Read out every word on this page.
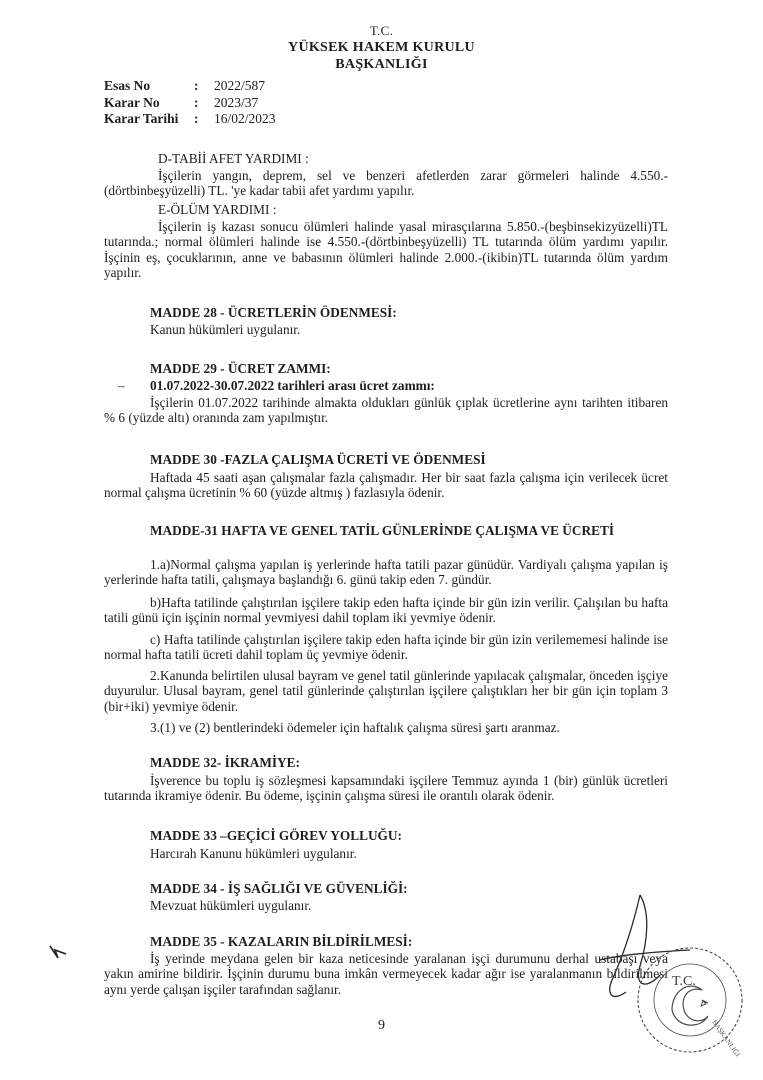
T.C.
YÜKSEK HAKEM KURULU
BAŞKANLIĞI
Esas No	: 2022/587
Karar No	: 2023/37
Karar Tarihi : 16/02/2023
D-TABİİ AFET YARDIMI :
İşçilerin yangın, deprem, sel ve benzeri afetlerden zarar görmeleri halinde 4.550.-(dörtbinbeşyüzelli) TL. 'ye kadar tabii afet yardımı yapılır.
E-ÖLÜM YARDIMI :
İşçilerin iş kazası sonucu ölümleri halinde yasal mirasçılarına 5.850.-(beşbinsekizyüzelli)TL tutarında.; normal ölümleri halinde ise 4.550.-(dörtbinbeşyüzelli) TL tutarında ölüm yardımı yapılır. İşçinin eş, çocuklarının, anne ve babasının ölümleri halinde 2.000.-(ikibin)TL tutarında ölüm yardım yapılır.
MADDE 28 - ÜCRETLERİN ÖDENMESİ:
Kanun hükümleri uygulanır.
MADDE 29 - ÜCRET ZAMMI:
– 01.07.2022-30.07.2022 tarihleri arası ücret zammı:
İşçilerin 01.07.2022 tarihinde almakta oldukları günlük çıplak ücretlerine aynı tarihten itibaren % 6 (yüzde altı) oranında zam yapılmıştır.
MADDE 30 -FAZLA ÇALIŞMA ÜCRETİ VE ÖDENMESİ
Haftada 45 saati aşan çalışmalar fazla çalışmadır. Her bir saat fazla çalışma için verilecek ücret normal çalışma ücretinin % 60 (yüzde altmış ) fazlasıyla ödenir.
MADDE-31 HAFTA VE GENEL TATİL GÜNLERİNDE ÇALIŞMA VE ÜCRETİ
1.a)Normal çalışma yapılan iş yerlerinde hafta tatili pazar günüdür. Vardiyalı çalışma yapılan iş yerlerinde hafta tatili, çalışmaya başlandığı 6. günü takip eden 7. gündür.
b)Hafta tatilinde çalıştırılan işçilere takip eden hafta içinde bir gün izin verilir. Çalışılan bu hafta tatili günü için işçinin normal yevmiyesi dahil toplam iki yevmiye ödenir.
c) Hafta tatilinde çalıştırılan işçilere takip eden hafta içinde bir gün izin verilememesi halinde ise normal hafta tatili ücreti dahil toplam üç yevmiye ödenir.
2.Kanunda belirtilen ulusal bayram ve genel tatil günlerinde yapılacak çalışmalar, önceden işçiye duyurulur. Ulusal bayram, genel tatil günlerinde çalıştırılan işçilere çalıştıkları her bir gün için toplam 3 (bir+iki) yevmiye ödenir.
3.(1) ve (2) bentlerindeki ödemeler için haftalık çalışma süresi şartı aranmaz.
MADDE 32- İKRAMİYE:
İşverence bu toplu iş sözleşmesi kapsamındaki işçilere Temmuz ayında 1 (bir) günlük ücretleri tutarında ikramiye ödenir. Bu ödeme, işçinin çalışma süresi ile orantılı olarak ödenir.
MADDE 33 –GEÇİCİ GÖREV YOLLUĞU:
Harcırah Kanunu hükümleri uygulanır.
MADDE 34 - İŞ SAĞLIĞI VE GÜVENLİĞİ:
Mevzuat hükümleri uygulanır.
MADDE 35 - KAZALARIN BİLDİRİLMESİ:
İş yerinde meydana gelen bir kaza neticesinde yaralanan işçi durumunu derhal ustabaşı veya yakın amirine bildirir. İşçinin durumu buna imkân vermeyecek kadar ağır ise yaralanmanın bildirilmesi aynı yerde çalışan işçiler tarafından sağlanır.
9
T.C.
BAŞKANLIĞI
